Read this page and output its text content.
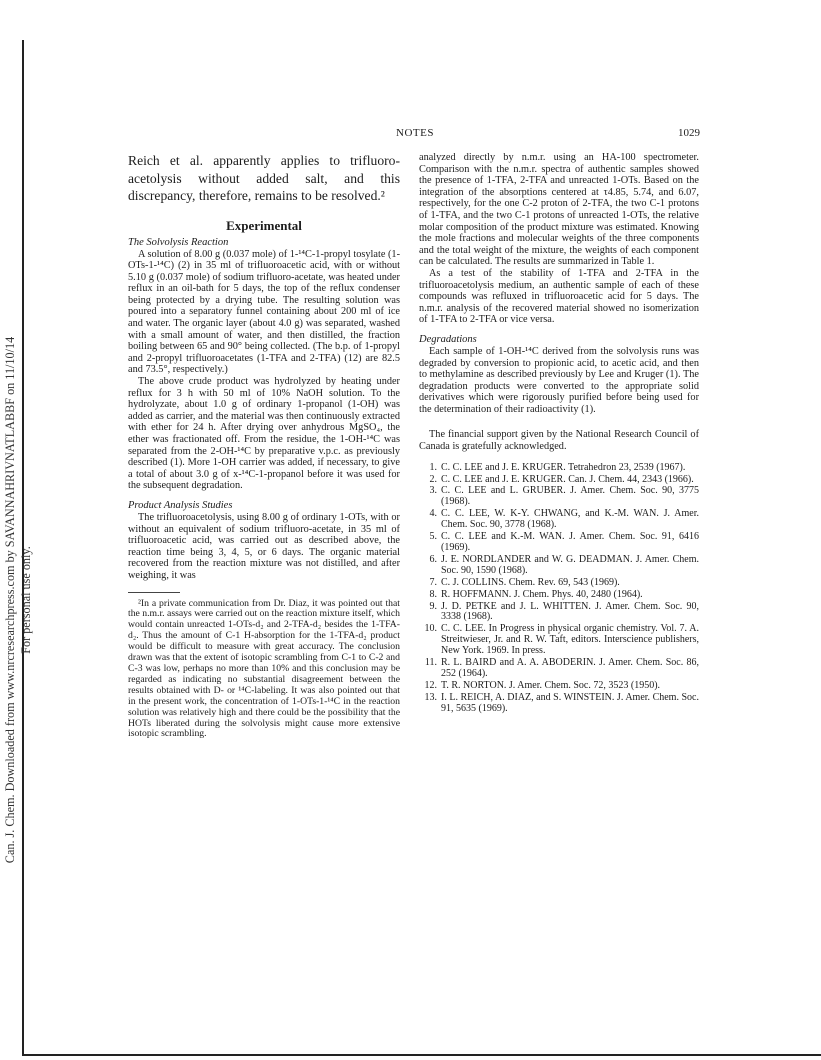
Can. J. Chem. Downloaded from www.nrcresearchpress.com by SAVANNAHRIVNATLABBF on 11/10/14 For personal use only.
NOTES	1029

Reich et al. apparently applies to trifluoro-acetolysis without added salt, and this discrepancy, therefore, remains to be resolved.²

Experimental
The Solvolysis Reaction

A solution of 8.00 g (0.037 mole) of 1-¹⁴C-1-propyl tosylate (1-OTs-1-¹⁴C) (2) in 35 ml of trifluoroacetic acid, with or without 5.10 g (0.037 mole) of sodium trifluoro-acetate, was heated under reflux in an oil-bath for 5 days, the top of the reflux condenser being protected by a drying tube. The resulting solution was poured into a separatory funnel containing about 200 ml of ice and water. The organic layer (about 4.0 g) was separated, washed with a small amount of water, and then distilled, the fraction boiling between 65 and 90° being collected. (The b.p. of 1-propyl and 2-propyl trifluoroacetates (1-TFA and 2-TFA) (12) are 82.5 and 73.5°, respectively.)

The above crude product was hydrolyzed by heating under reflux for 3 h with 50 ml of 10% NaOH solution. To the hydrolyzate, about 1.0 g of ordinary 1-propanol (1-OH) was added as carrier, and the material was then continuously extracted with ether for 24 h. After drying over anhydrous MgSO₄, the ether was fractionated off. From the residue, the 1-OH-¹⁴C was separated from the 2-OH-¹⁴C by preparative v.p.c. as previously described (1). More 1-OH carrier was added, if necessary, to give a total of about 3.0 g of x-¹⁴C-1-propanol before it was used for the subsequent degradation.

Product Analysis Studies

The trifluoroacetolysis, using 8.00 g of ordinary 1-OTs, with or without an equivalent of sodium trifluoro-acetate, in 35 ml of trifluoroacetic acid, was carried out as described above, the reaction time being 3, 4, 5, or 6 days. The organic material recovered from the reaction mixture was not distilled, and after weighing, it was

²In a private communication from Dr. Diaz, it was pointed out that the n.m.r. assays were carried out on the reaction mixture itself, which would contain unreacted 1-OTs-d₂ and 2-TFA-d₂ besides the 1-TFA-d₂. Thus the amount of C-1 H-absorption for the 1-TFA-d₂ product would be difficult to measure with great accuracy. The conclusion drawn was that the extent of isotopic scrambling from C-1 to C-2 and C-3 was low, perhaps no more than 10% and this conclusion may be regarded as indicating no substantial disagreement between the results obtained with D- or ¹⁴C-labeling. It was also pointed out that in the present work, the concentration of 1-OTs-1-¹⁴C in the reaction solution was relatively high and there could be the possibility that the HOTs liberated during the solvolysis might cause more extensive isotopic scrambling.

analyzed directly by n.m.r. using an HA-100 spectrometer. Comparison with the n.m.r. spectra of authentic samples showed the presence of 1-TFA, 2-TFA and unreacted 1-OTs. Based on the integration of the absorptions centered at τ4.85, 5.74, and 6.07, respectively, for the one C-2 proton of 2-TFA, the two C-1 protons of 1-TFA, and the two C-1 protons of unreacted 1-OTs, the relative molar composition of the product mixture was estimated. Knowing the mole fractions and molecular weights of the three components and the total weight of the mixture, the weights of each component can be calculated. The results are summarized in Table 1.

As a test of the stability of 1-TFA and 2-TFA in the trifluoroacetolysis medium, an authentic sample of each of these compounds was refluxed in trifluoroacetic acid for 5 days. The n.m.r. analysis of the recovered material showed no isomerization of 1-TFA to 2-TFA or vice versa.

Degradations

Each sample of 1-OH-¹⁴C derived from the solvolysis runs was degraded by conversion to propionic acid, to acetic acid, and then to methylamine as described previously by Lee and Kruger (1). The degradation products were converted to the appropriate solid derivatives which were rigorously purified before being used for the determination of their radioactivity (1).

The financial support given by the National Research Council of Canada is gratefully acknowledged.

1. C. C. LEE and J. E. KRUGER. Tetrahedron 23, 2539 (1967).
2. C. C. LEE and J. E. KRUGER. Can. J. Chem. 44, 2343 (1966).
3. C. C. LEE and L. GRUBER. J. Amer. Chem. Soc. 90, 3775 (1968).
4. C. C. LEE, W. K-Y. CHWANG, and K.-M. WAN. J. Amer. Chem. Soc. 90, 3778 (1968).
5. C. C. LEE and K.-M. WAN. J. Amer. Chem. Soc. 91, 6416 (1969).
6. J. E. NORDLANDER and W. G. DEADMAN. J. Amer. Chem. Soc. 90, 1590 (1968).
7. C. J. COLLINS. Chem. Rev. 69, 543 (1969).
8. R. HOFFMANN. J. Chem. Phys. 40, 2480 (1964).
9. J. D. PETKE and J. L. WHITTEN. J. Amer. Chem. Soc. 90, 3338 (1968).
10. C. C. LEE. In Progress in physical organic chemistry. Vol. 7. A. Streitwieser, Jr. and R. W. Taft, editors. Interscience publishers, New York. 1969. In press.
11. R. L. BAIRD and A. A. ABODERIN. J. Amer. Chem. Soc. 86, 252 (1964).
12. T. R. NORTON. J. Amer. Chem. Soc. 72, 3523 (1950).
13. I. L. REICH, A. DIAZ, and S. WINSTEIN. J. Amer. Chem. Soc. 91, 5635 (1969).
